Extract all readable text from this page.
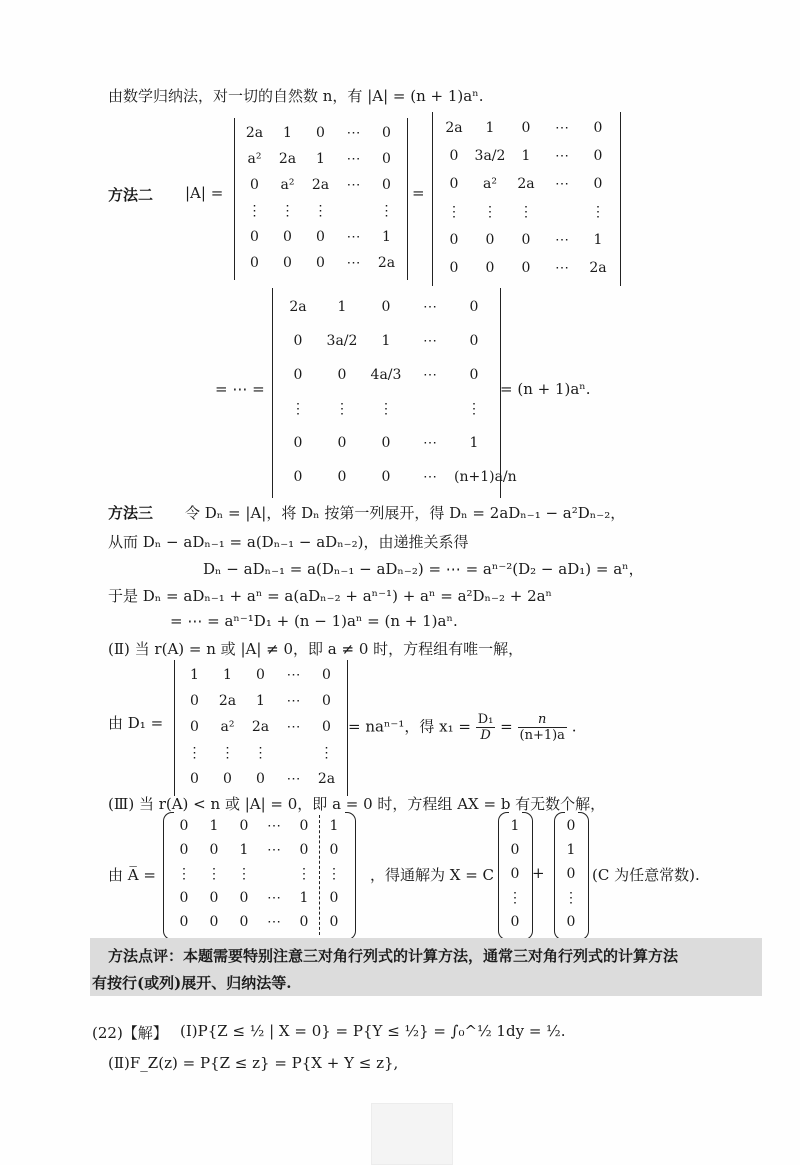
由数学归纳法，对一切的自然数 n，有 |A| = (n + 1)aⁿ.
方法二 |A| =
2a	1	0	⋯	0
a²	2a	1	⋯	0
0	a²	2a	⋯	0
⋮	⋮	⋮	⋮
0	0	0	⋯	1
0	0	0	⋯	2a
=
2a	1	0	⋯	0
0	3a/2	1	⋯	0
0	a²	2a	⋯	0
⋮	⋮	⋮	⋮
0	0	0	⋯	1
0	0	0	⋯	2a
= ⋯ =
2a	1	0	⋯	0
0	3a/2	1	⋯	0
0	0	4a/3	⋯	0
⋮	⋮	⋮	⋮
0	0	0	⋯	1
0	0	0	⋯	(n+1)a/n
= (n + 1)aⁿ.
方法三 令 Dₙ = |A|，将 Dₙ 按第一列展开，得 Dₙ = 2aDₙ₋₁ − a²Dₙ₋₂，
从而 Dₙ − aDₙ₋₁ = a(Dₙ₋₁ − aDₙ₋₂)，由递推关系得
Dₙ − aDₙ₋₁ = a(Dₙ₋₁ − aDₙ₋₂) = ⋯ = aⁿ⁻²(D₂ − aD₁) = aⁿ，
于是 Dₙ = aDₙ₋₁ + aⁿ = a(aDₙ₋₂ + aⁿ⁻¹) + aⁿ = a²Dₙ₋₂ + 2aⁿ
= ⋯ = aⁿ⁻¹D₁ + (n − 1)aⁿ = (n + 1)aⁿ.
(Ⅱ) 当 r(A) = n 或 |A| ≠ 0，即 a ≠ 0 时，方程组有唯一解，
由 D₁ =
1	1	0	⋯	0
0	2a	1	⋯	0
0	a²	2a	⋯	0
⋮	⋮	⋮	⋮
0	0	0	⋯	2a
= naⁿ⁻¹，得 $x_1 = \frac{\text{D₁}}{D} = \frac{n}{(n+1)a}$ .
(Ⅲ) 当 r(A) < n 或 |A| = 0，即 a = 0 时，方程组 AX = b 有无数个解，
由 A̅ =
0	1	0	⋯	0	1
0	0	1	⋯	0	0
⋮	⋮	⋮	⋮	⋮
0	0	0	⋯	1	0
0	0	0	⋯	0	0
，得通解为 X = C
1
0
0
⋮
0
+
0
1
0
⋮
0
(C 为任意常数).
方法点评：本题需要特别注意三对角行列式的计算方法，通常三对角行列式的计算方法
有按行(或列)展开、归纳法等.
(22)【解】 (Ⅰ)P{Z ≤ ½ | X = 0} = P{Y ≤ ½} = ∫₀^½ 1dy = ½.
(Ⅱ)F_Z(z) = P{Z ≤ z} = P{X + Y ≤ z},
